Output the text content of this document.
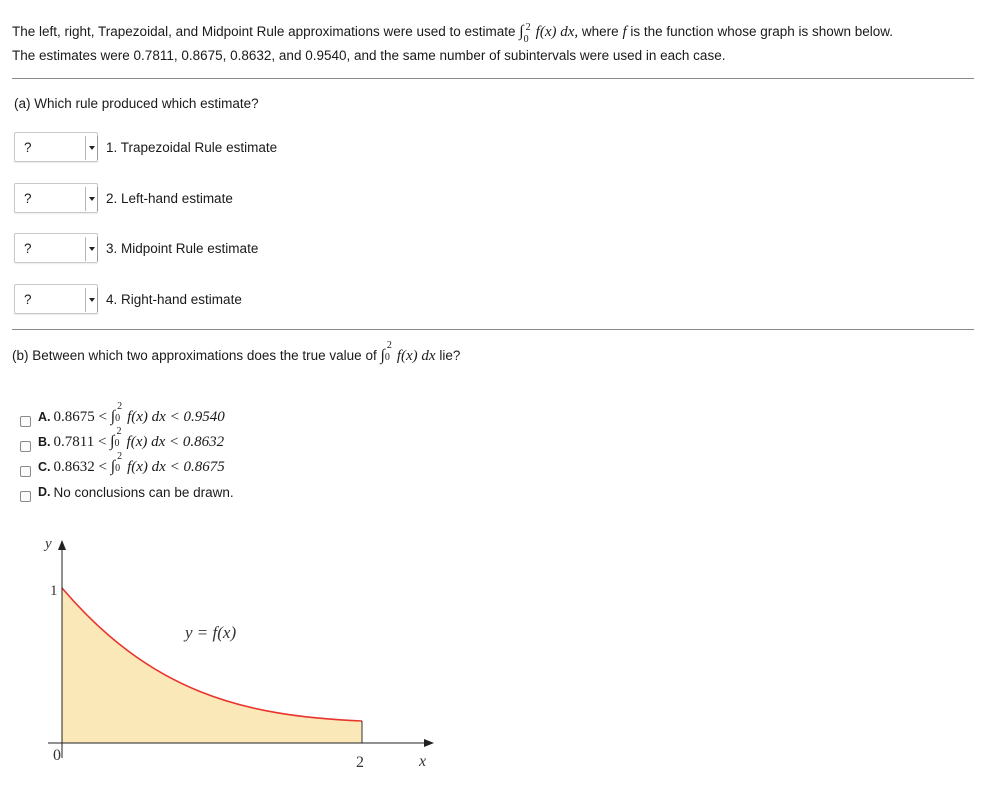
The left, right, Trapezoidal, and Midpoint Rule approximations were used to estimate ∫ 2
0 f(x) dx, where f is the function whose graph is shown below.
The estimates were 0.7811, 0.8675, 0.8632, and 0.9540, and the same number of subintervals were used in each case.
(a) Which rule produced which estimate?
?	1. Trapezoidal Rule estimate
?	2. Left-hand estimate
?	3. Midpoint Rule estimate
?	4. Right-hand estimate
(b) Between which two approximations does the true value of ∫
2
0 f(x) dx lie?
A. 0.8675 < ∫
2
0 f(x) dx < 0.9540
B. 0.7811 < ∫
2
0 f(x) dx < 0.8632
C. 0.8632 < ∫
2
0 f(x) dx < 0.8675
D. No conclusions can be drawn.
y
1
0	2	x
y = f(x)
